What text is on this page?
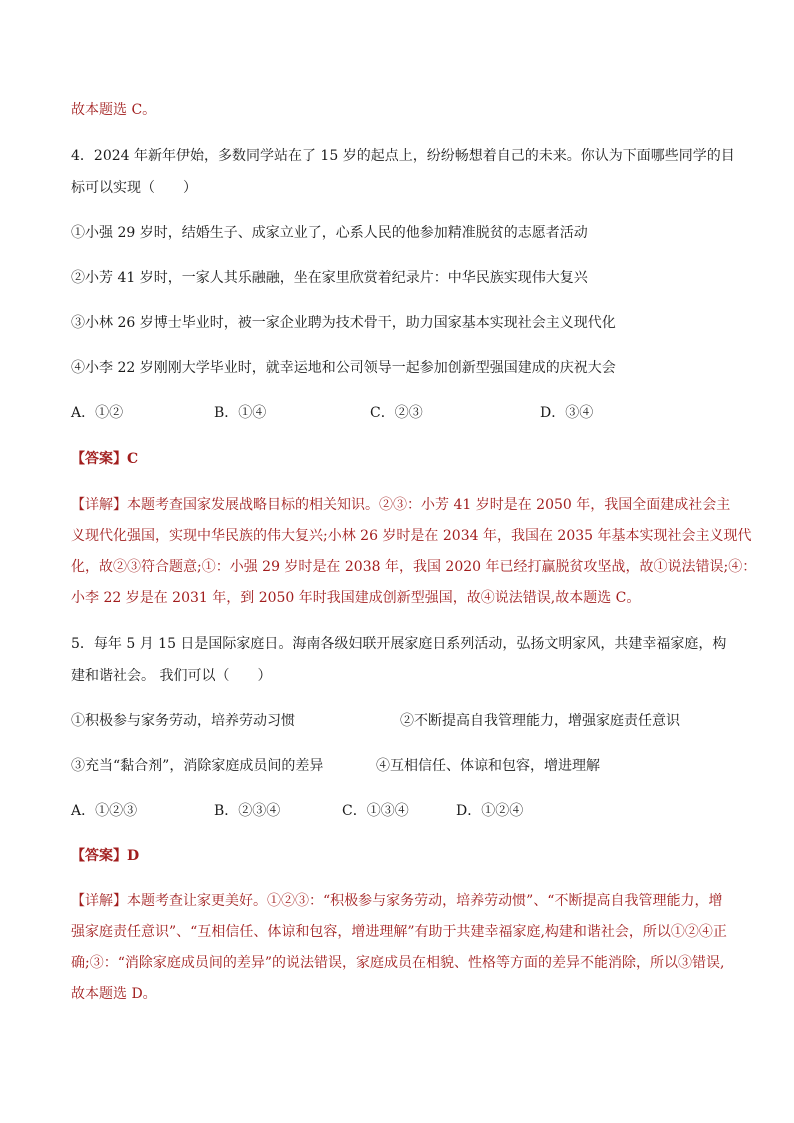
故本题选 C。
4．2024 年新年伊始，多数同学站在了 15 岁的起点上，纷纷畅想着自己的未来。你认为下面哪些同学的目
标可以实现（　　）
①小强 29 岁时，结婚生子、成家立业了，心系人民的他参加精准脱贫的志愿者活动
②小芳 41 岁时，一家人其乐融融，坐在家里欣赏着纪录片：中华民族实现伟大复兴
③小林 26 岁博士毕业时，被一家企业聘为技术骨干，助力国家基本实现社会主义现代化
④小李 22 岁刚刚大学毕业时，就幸运地和公司领导一起参加创新型强国建成的庆祝大会
A．①②	B．①④	C．②③	D．③④
【答案】C
【详解】本题考查国家发展战略目标的相关知识。②③：小芳 41 岁时是在 2050 年，我国全面建成社会主
义现代化强国，实现中华民族的伟大复兴;小林 26 岁时是在 2034 年，我国在 2035 年基本实现社会主义现代
化，故②③符合题意;①：小强 29 岁时是在 2038 年，我国 2020 年已经打赢脱贫攻坚战，故①说法错误;④：
小李 22 岁是在 2031 年，到 2050 年时我国建成创新型强国，故④说法错误,故本题选 C。
5．每年 5 月 15 日是国际家庭日。海南各级妇联开展家庭日系列活动，弘扬文明家风，共建幸福家庭，构
建和谐社会。 我们可以（　　）
①积极参与家务劳动，培养劳动习惯	②不断提高自我管理能力，增强家庭责任意识
③充当“黏合剂”，消除家庭成员间的差异	④互相信任、体谅和包容，增进理解
A．①②③	B．②③④	C．①③④	D．①②④
【答案】D
【详解】本题考查让家更美好。①②③：“积极参与家务劳动，培养劳动惯”、“不断提高自我管理能力，增
强家庭责任意识”、“互相信任、体谅和包容，增进理解”有助于共建幸福家庭,构建和谐社会，所以①②④正
确;③：“消除家庭成员间的差异”的说法错误，家庭成员在相貌、性格等方面的差异不能消除，所以③错误,
故本题选 D。
